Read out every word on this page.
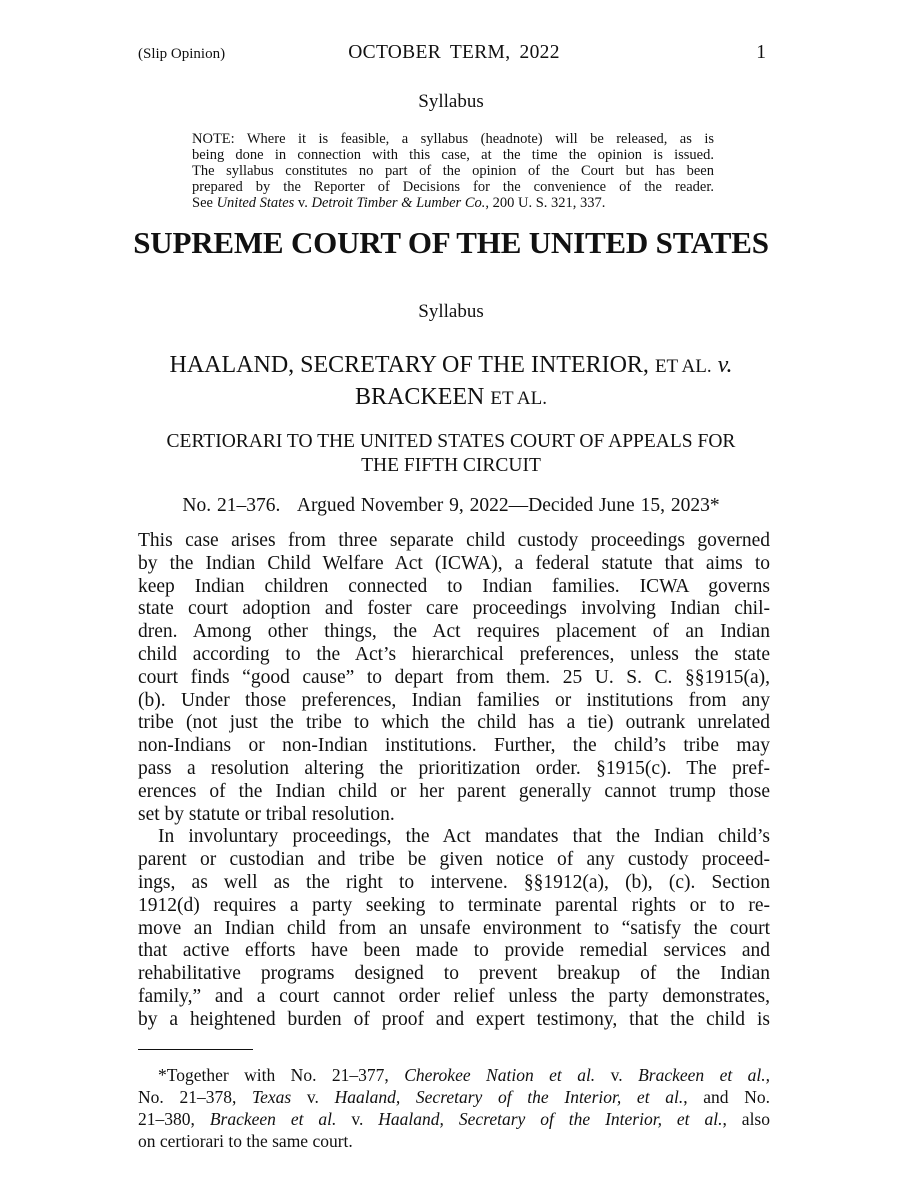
(Slip Opinion)	OCTOBER TERM, 2022	1
Syllabus
NOTE: Where it is feasible, a syllabus (headnote) will be released, as is
being done in connection with this case, at the time the opinion is issued.
The syllabus constitutes no part of the opinion of the Court but has been
prepared by the Reporter of Decisions for the convenience of the reader.
See United States v. Detroit Timber & Lumber Co., 200 U. S. 321, 337.
SUPREME COURT OF THE UNITED STATES
Syllabus
HAALAND, SECRETARY OF THE INTERIOR, ET AL. v.
BRACKEEN ET AL.
CERTIORARI TO THE UNITED STATES COURT OF APPEALS FOR
THE FIFTH CIRCUIT
No. 21–376.   Argued November 9, 2022—Decided June 15, 2023*
This case arises from three separate child custody proceedings governed
by the Indian Child Welfare Act (ICWA), a federal statute that aims to
keep Indian children connected to Indian families. ICWA governs
state court adoption and foster care proceedings involving Indian chil-
dren. Among other things, the Act requires placement of an Indian
child according to the Act’s hierarchical preferences, unless the state
court finds “good cause” to depart from them. 25 U. S. C. §§1915(a),
(b). Under those preferences, Indian families or institutions from any
tribe (not just the tribe to which the child has a tie) outrank unrelated
non-Indians or non-Indian institutions. Further, the child’s tribe may
pass a resolution altering the prioritization order. §1915(c). The pref-
erences of the Indian child or her parent generally cannot trump those
set by statute or tribal resolution.
In involuntary proceedings, the Act mandates that the Indian child’s
parent or custodian and tribe be given notice of any custody proceed-
ings, as well as the right to intervene. §§1912(a), (b), (c). Section
1912(d) requires a party seeking to terminate parental rights or to re-
move an Indian child from an unsafe environment to “satisfy the court
that active efforts have been made to provide remedial services and
rehabilitative programs designed to prevent breakup of the Indian
family,” and a court cannot order relief unless the party demonstrates,
by a heightened burden of proof and expert testimony, that the child is
*Together with No. 21–377, Cherokee Nation et al. v. Brackeen et al.,
No. 21–378, Texas v. Haaland, Secretary of the Interior, et al., and No.
21–380, Brackeen et al. v. Haaland, Secretary of the Interior, et al., also
on certiorari to the same court.
